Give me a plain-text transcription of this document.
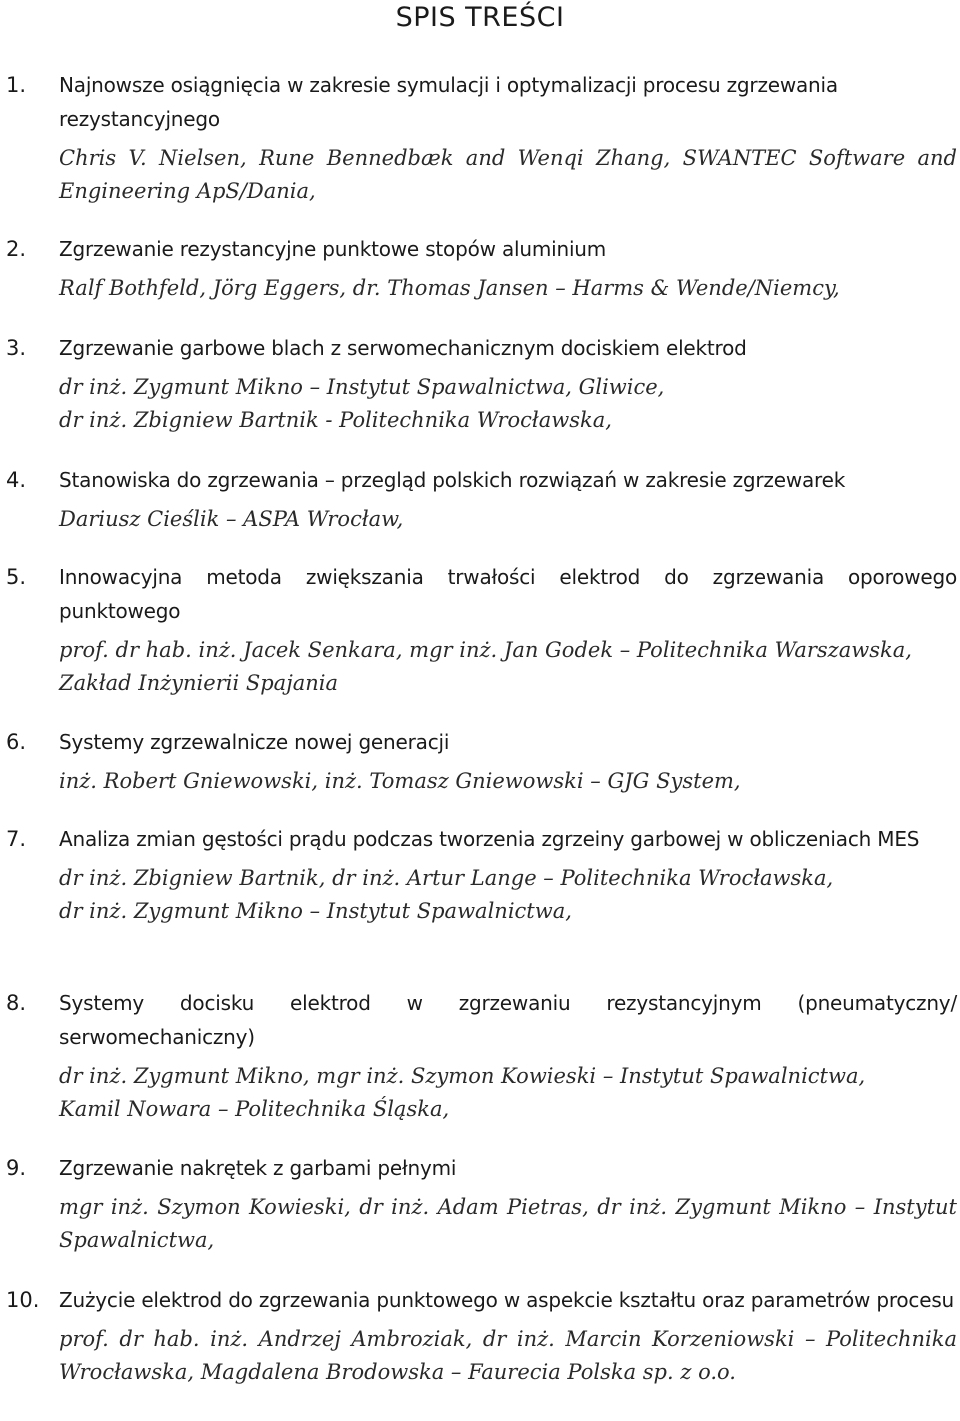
SPIS TREŚCI
1. Najnowsze osiągnięcia w zakresie symulacji i optymalizacji procesu zgrzewania rezystancyjnego
Chris V. Nielsen, Rune Bennedbæk and Wenqi Zhang, SWANTEC Software and Engineering ApS/Dania,
2. Zgrzewanie rezystancyjne punktowe stopów aluminium
Ralf Bothfeld, Jörg Eggers, dr. Thomas Jansen – Harms & Wende/Niemcy,
3. Zgrzewanie garbowe blach z serwomechanicznym dociskiem elektrod
dr inż. Zygmunt Mikno – Instytut Spawalnictwa, Gliwice,
dr inż. Zbigniew Bartnik - Politechnika Wrocławska,
4. Stanowiska do zgrzewania – przegląd polskich rozwiązań w zakresie zgrzewarek
Dariusz Cieślik – ASPA Wrocław,
5. Innowacyjna metoda zwiększania trwałości elektrod do zgrzewania oporowego punktowego
prof. dr hab. inż. Jacek Senkara, mgr inż. Jan Godek – Politechnika Warszawska, Zakład Inżynierii Spajania
6. Systemy zgrzewalnicze nowej generacji
inż. Robert Gniewowski, inż. Tomasz Gniewowski – GJG System,
7. Analiza zmian gęstości prądu podczas tworzenia zgrzeiny garbowej w obliczeniach MES
dr inż. Zbigniew Bartnik, dr inż. Artur Lange – Politechnika Wrocławska,
dr inż. Zygmunt Mikno – Instytut Spawalnictwa,
8. Systemy docisku elektrod w zgrzewaniu rezystancyjnym (pneumatyczny/ serwomechaniczny)
dr inż. Zygmunt Mikno, mgr inż. Szymon Kowieski – Instytut Spawalnictwa,
Kamil Nowara – Politechnika Śląska,
9. Zgrzewanie nakrętek z garbami pełnymi
mgr inż. Szymon Kowieski, dr inż. Adam Pietras, dr inż. Zygmunt Mikno – Instytut Spawalnictwa,
10. Zużycie elektrod do zgrzewania punktowego w aspekcie kształtu oraz parametrów procesu
prof. dr hab. inż. Andrzej Ambroziak, dr inż. Marcin Korzeniowski – Politechnika Wrocławska, Magdalena Brodowska – Faurecia Polska sp. z o.o.
